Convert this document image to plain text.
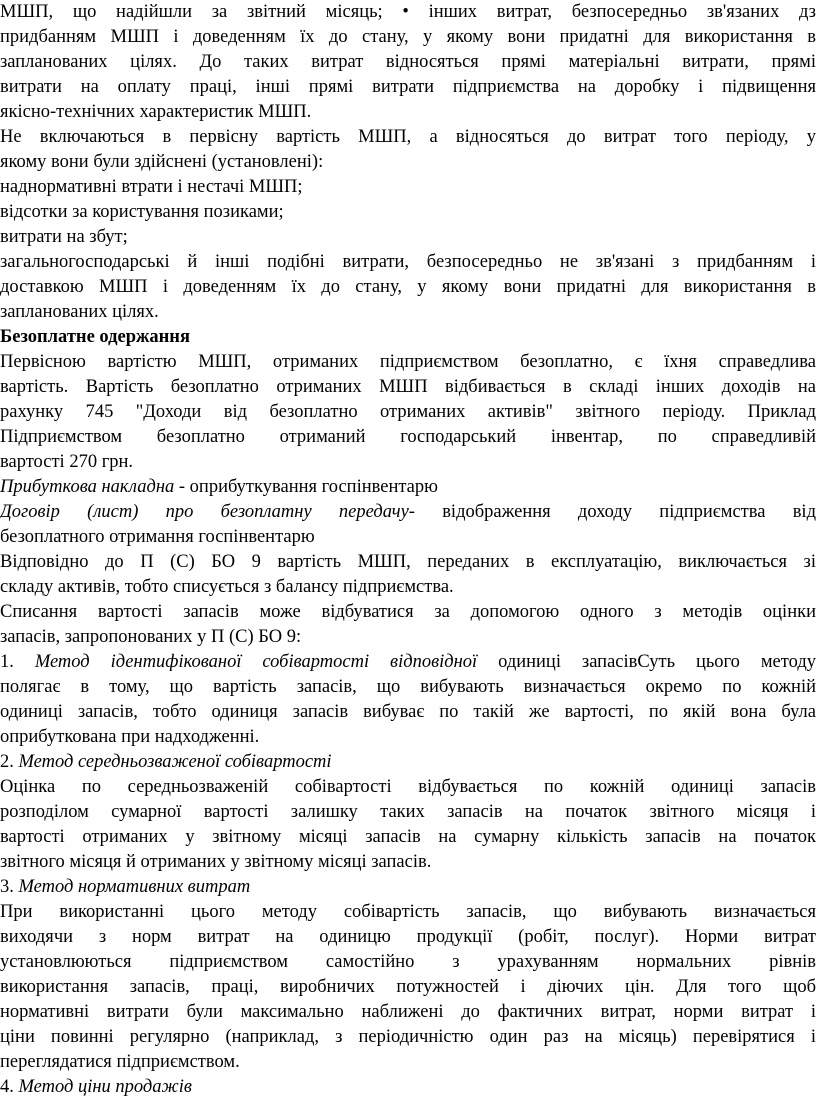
МШП, що надійшли за звітний місяць; • інших витрат, безпосередньо зв'язаних дз
придбанням МШП і доведенням їх до стану, у якому вони придатні для використання в
запланованих цілях. До таких витрат відносяться прямі матеріальні витрати, прямі
витрати на оплату праці, інші прямі витрати підприємства на доробку і підвищення
якісно-технічних характеристик МШП.
Не включаються в первісну вартість МШП, а відносяться до витрат того періоду, у
якому вони були здійснені (установлені):
наднормативні втрати і нестачі МШП;
відсотки за користування позиками;
витрати на збут;
загальногосподарські й інші подібні витрати, безпосередньо не зв'язані з придбанням і
доставкою МШП і доведенням їх до стану, у якому вони придатні для використання в
запланованих цілях.
Безоплатне одержання
Первісною вартістю МШП, отриманих підприємством безоплатно, є їхня справедлива
вартість. Вартість безоплатно отриманих МШП відбивається в складі інших доходів на
рахунку 745 "Доходи від безоплатно отриманих активів" звітного періоду. Приклад
Підприємством безоплатно отриманий господарський інвентар, по справедливій
вартості 270 грн.
Прибуткова накладна - оприбуткування госпінвентарю
Договір (лист) про безоплатну передачу- відображення доходу підприємства від
безоплатного отримання госпінвентарю
Відповідно до П (С) БО 9 вартість МШП, переданих в експлуатацію, виключається зі
складу активів, тобто списується з балансу підприємства.
Списання вартості запасів може відбуватися за допомогою одного з методів оцінки
запасів, запропонованих у П (С) БО 9:
1. Метод ідентифікованої собівартості відповідної одиниці запасівСуть цього методу
полягає в тому, що вартість запасів, що вибувають визначається окремо по кожній
одиниці запасів, тобто одиниця запасів вибуває по такій же вартості, по якій вона була
оприбуткована при надходженні.
2. Метод середньозваженої собівартості
Оцінка по середньозваженій собівартості відбувається по кожній одиниці запасів
розподілом сумарної вартості залишку таких запасів на початок звітного місяця і
вартості отриманих у звітному місяці запасів на сумарну кількість запасів на початок
звітного місяця й отриманих у звітному місяці запасів.
3. Метод нормативних витрат
При використанні цього методу собівартість запасів, що вибувають визначається
виходячи з норм витрат на одиницю продукції (робіт, послуг). Норми витрат
установлюються підприємством самостійно з урахуванням нормальних рівнів
використання запасів, праці, виробничих потужностей і діючих цін. Для того щоб
нормативні витрати були максимально наближені до фактичних витрат, норми витрат і
ціни повинні регулярно (наприклад, з періодичністю один раз на місяць) перевірятися і
переглядатися підприємством.
4. Метод ціни продажів
